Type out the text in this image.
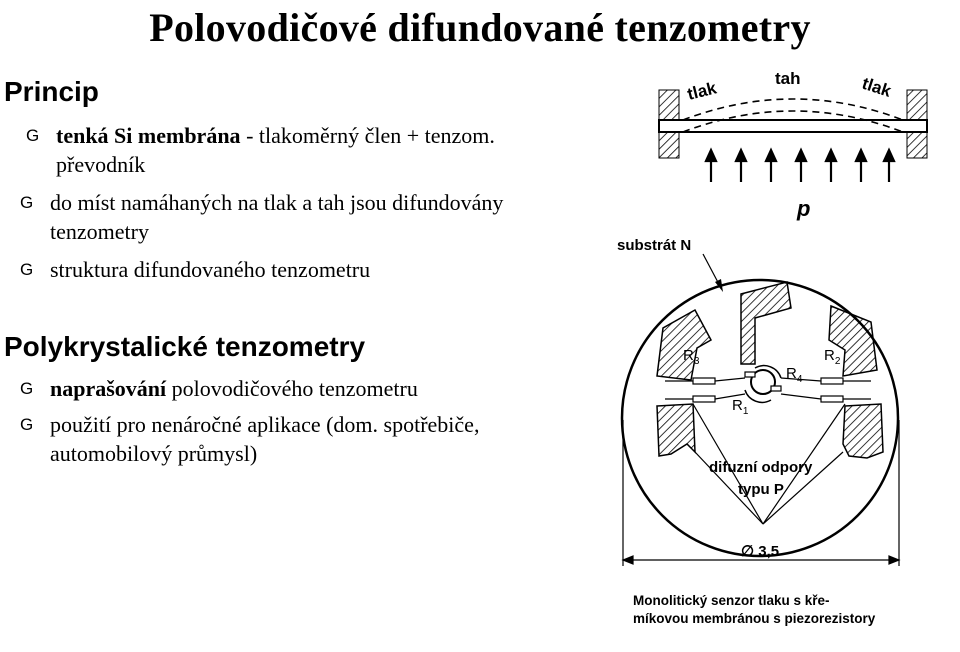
Polovodičové difundované tenzometry
Princip
G tenká Si membrána - tlakoměrný člen + tenzom.
převodník
G do míst namáhaných na tlak a tah jsou difundovány
tenzometry
G struktura difundovaného tenzometru
Polykrystalické tenzometry
G naprašování polovodičového tenzometru
G použití pro nenáročné aplikace (dom. spotřebiče,
automobilový průmysl)
tlak	tah	tlak
p
substrát N
$R_3$	$R_2$
$R_4$
$R_1$
difuzní odpory
typu P
∅ 3,5
Monolitický senzor tlaku s kře-
míkovou membránou s piezorezistory
